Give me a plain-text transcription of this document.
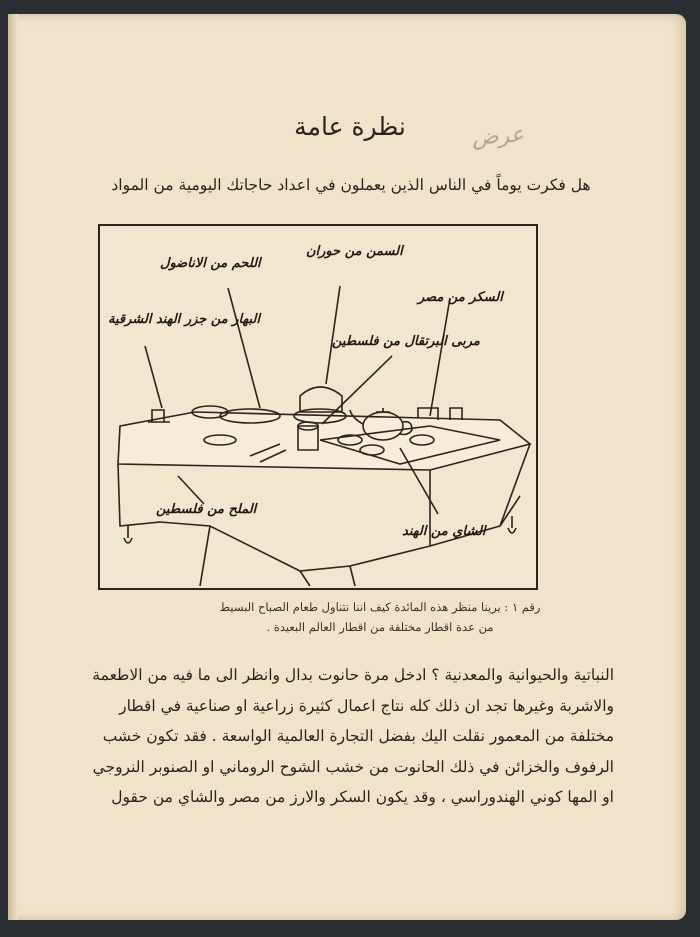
نظرة عامة	عرض
هل فكرت يوماً في الناس الذين يعملون في اعداد حاجاتك اليومية من المواد
اللحم من الاناضول
السمن من حوران
السكر من مصر
البهار من جزر الهند الشرقية
مربى البرتقال من فلسطين
الملح من فلسطين
الشاي من الهند
رقم ١ : يرينا منظر هذه المائدة كيف اننا نتناول طعام الصباح البسيط
من عدة اقطار مختلفة من اقطار العالم البعيدة .
النباتية والحيوانية والمعدنية ؟ ادخل مرة حانوت بدال وانظر الى ما فيه من الاطعمة
والاشربة وغيرها تجد ان ذلك كله نتاج اعمال كثيرة زراعية او صناعية في اقطار
مختلفة من المعمور نقلت اليك بفضل التجارة العالمية الواسعة . فقد تكون خشب
الرفوف والخزائن في ذلك الحانوت من خشب الشوح الروماني او الصنوبر النروجي
او المها كوني الهندوراسي ، وقد يكون السكر والارز من مصر والشاي من حقول
